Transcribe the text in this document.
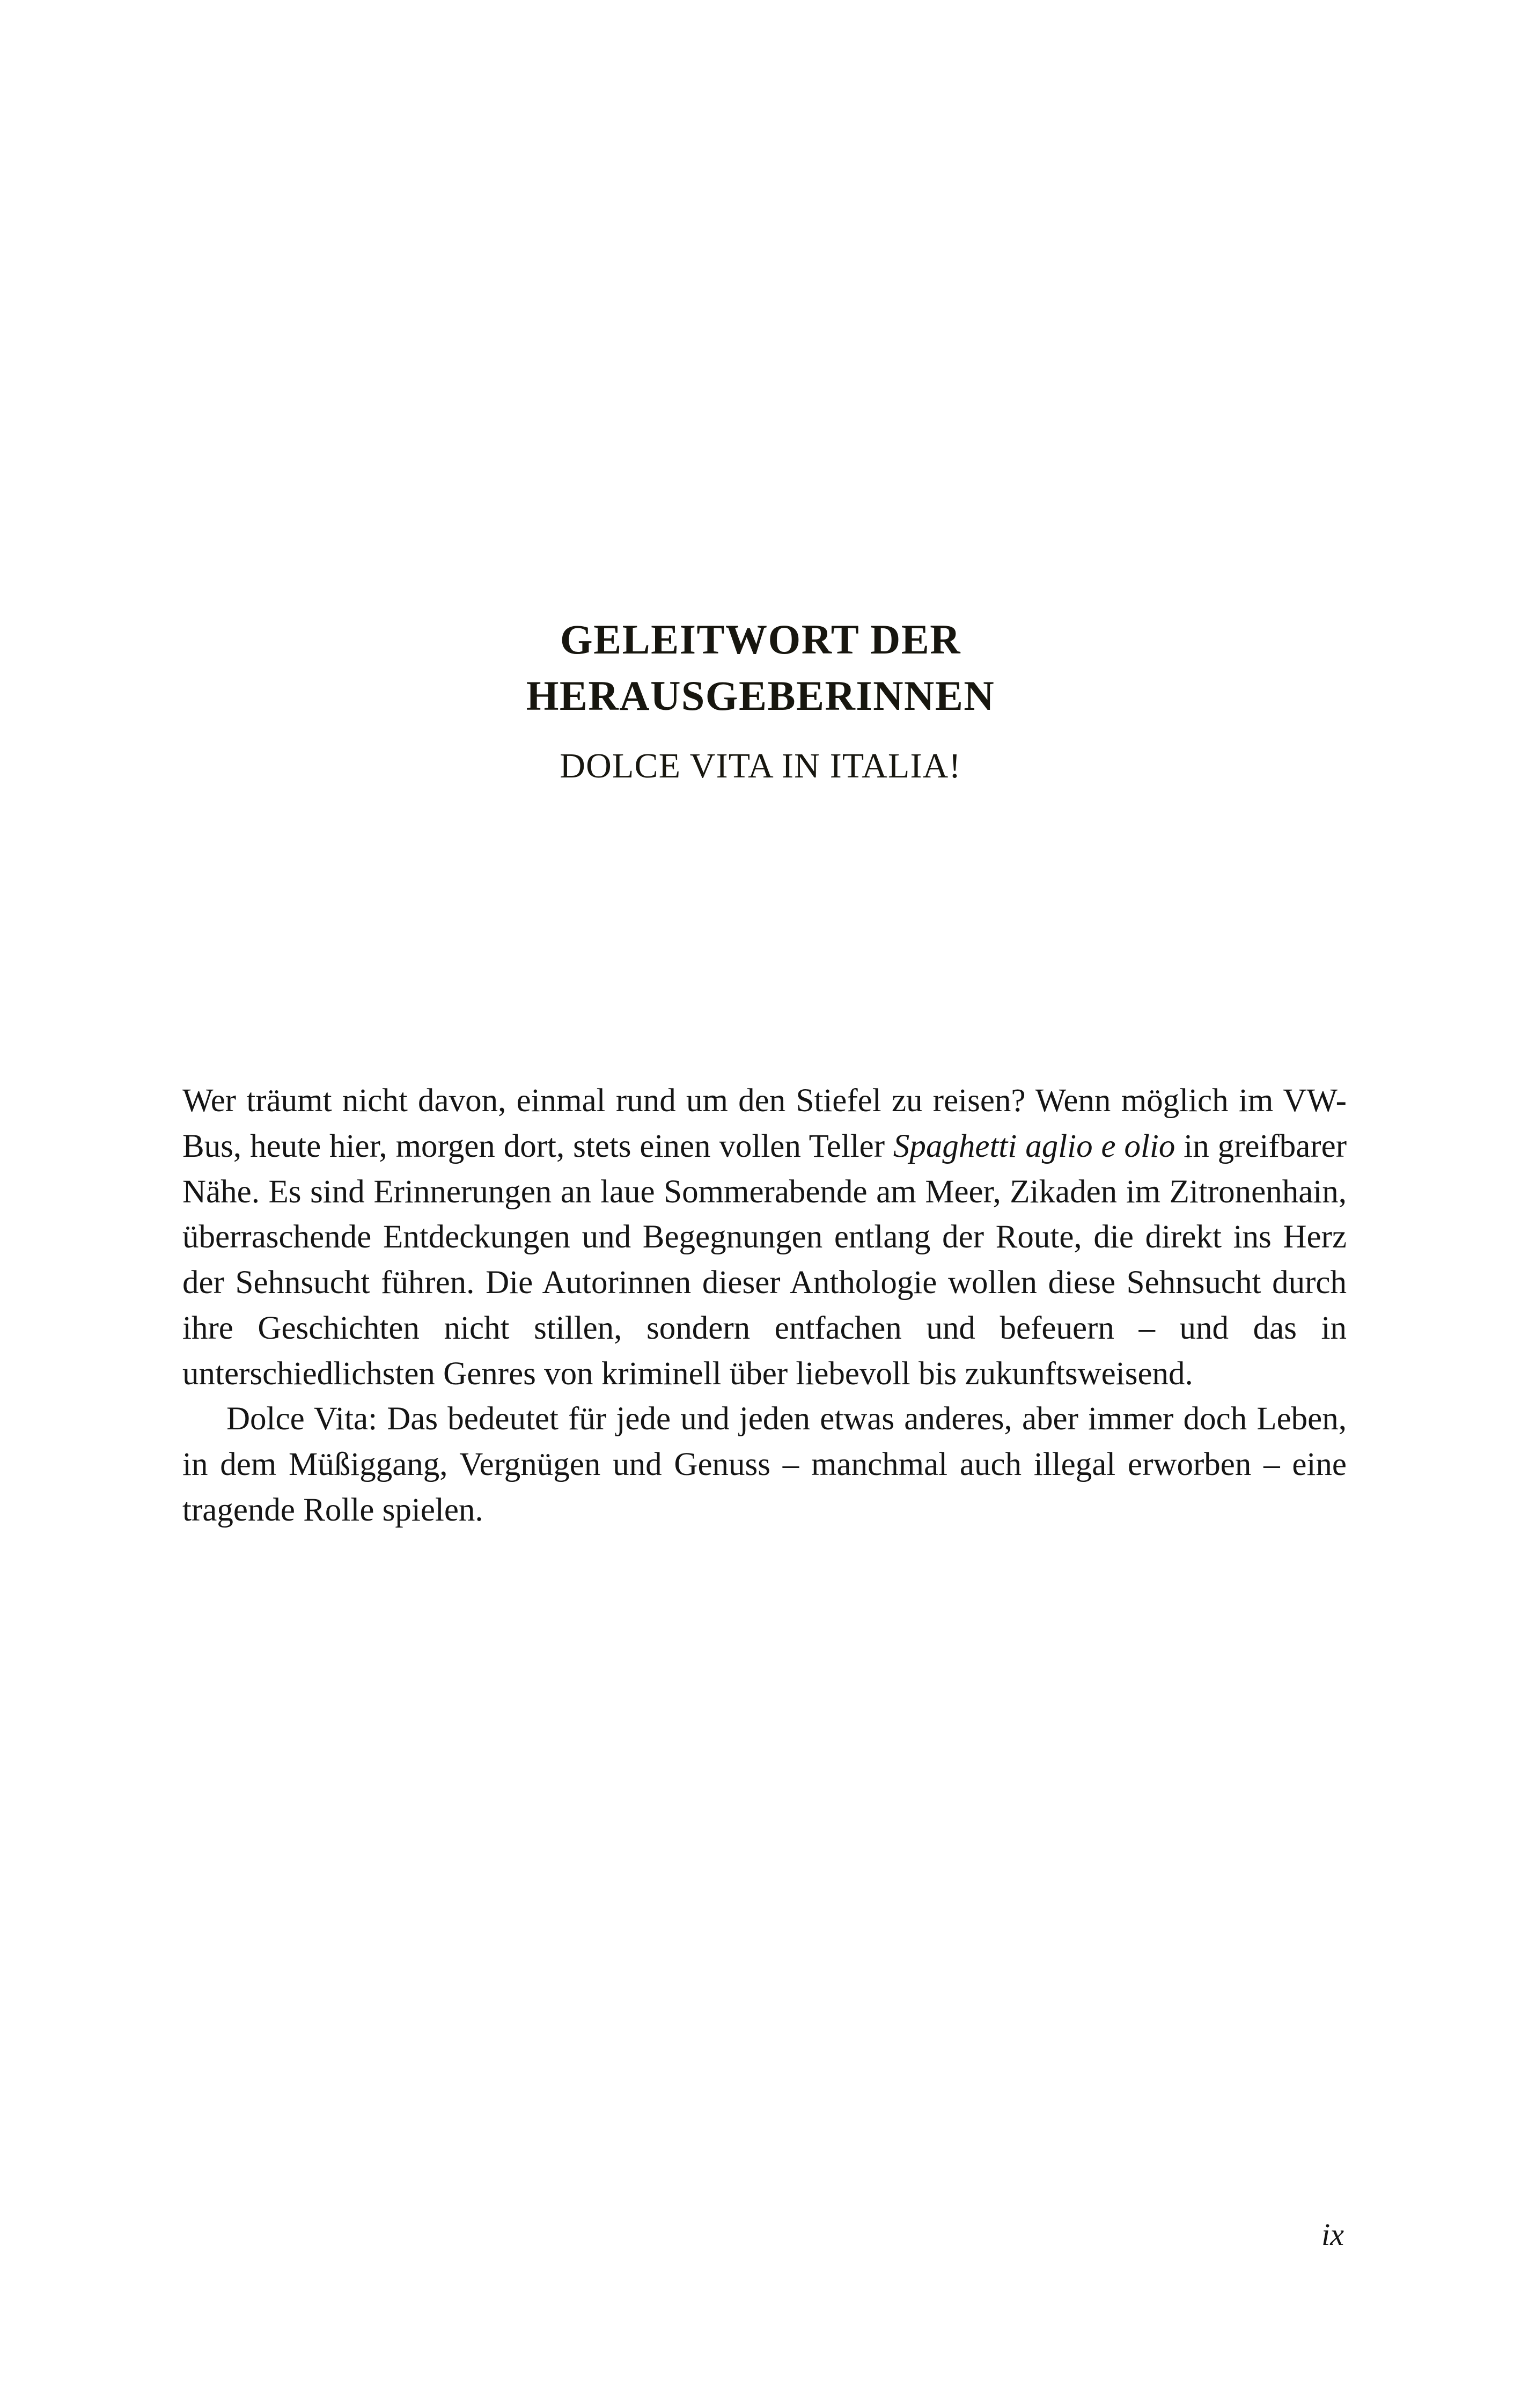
GELEITWORT DER
HERAUSGEBERINNEN
DOLCE VITA IN ITALIA!

Wer träumt nicht davon, einmal rund um den Stiefel zu reisen? Wenn möglich im VW-Bus, heute hier, morgen dort, stets einen vollen Teller Spaghetti aglio e olio in greifbarer Nähe. Es sind Erinnerungen an laue Sommerabende am Meer, Zikaden im Zitronenhain, überraschende Entdeckungen und Begegnungen entlang der Route, die direkt ins Herz der Sehnsucht führen. Die Autorinnen dieser Anthologie wollen diese Sehnsucht durch ihre Geschichten nicht stillen, sondern entfachen und befeuern – und das in unterschiedlichsten Genres von kriminell über liebevoll bis zukunftsweisend.

Dolce Vita: Das bedeutet für jede und jeden etwas anderes, aber immer doch Leben, in dem Müßiggang, Vergnügen und Genuss – manchmal auch illegal erworben – eine tragende Rolle spielen.

ix
